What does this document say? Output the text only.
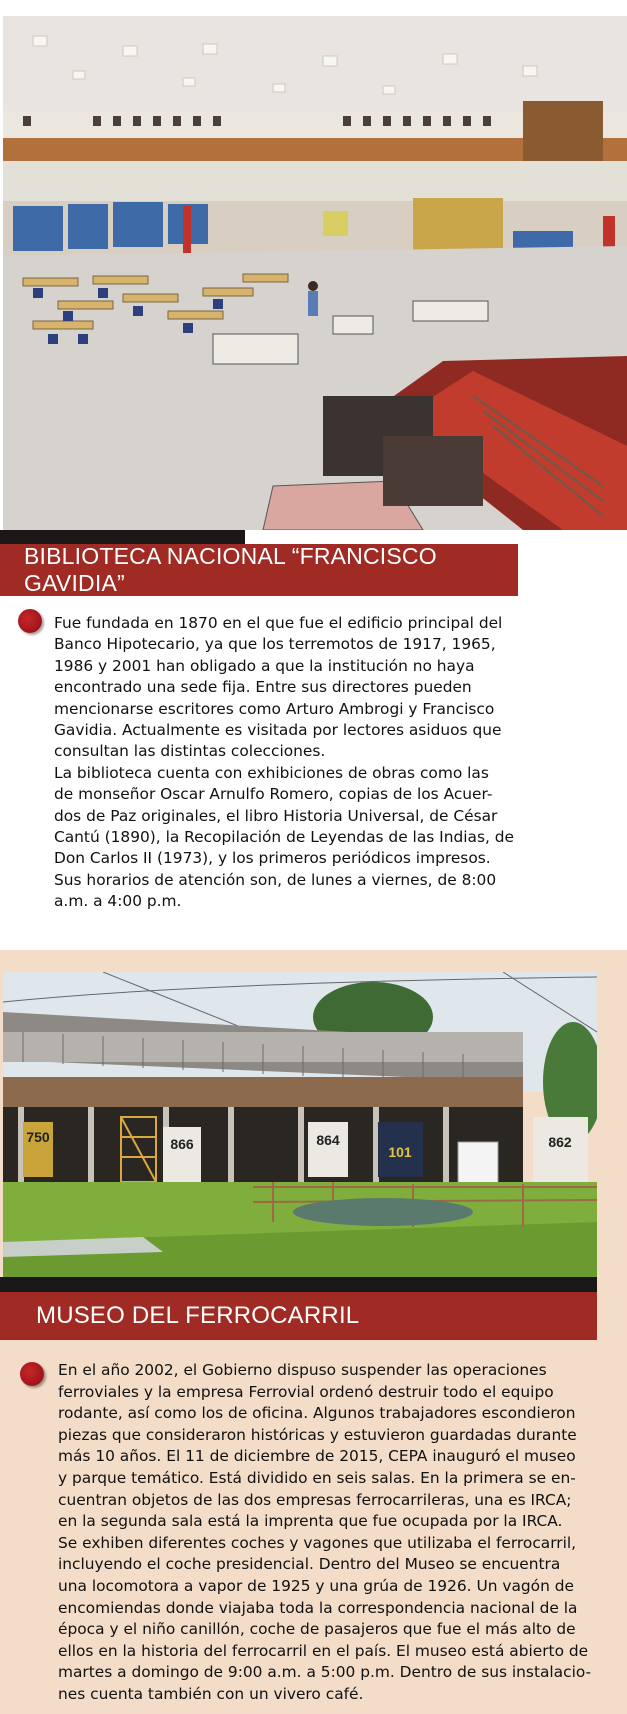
BIBLIOTECA NACIONAL “FRANCISCO GAVIDIA”
Fue fundada en 1870 en el que fue el edificio principal del
Banco Hipotecario, ya que los terremotos de 1917, 1965,
1986 y 2001 han obligado a que la institución no haya
encontrado una sede fija. Entre sus directores pueden
mencionarse escritores como Arturo Ambrogi y Francisco
Gavidia. Actualmente es visitada por lectores asiduos que
consultan las distintas colecciones.
La biblioteca cuenta con exhibiciones de obras como las
de monseñor Oscar Arnulfo Romero, copias de los Acuer-
dos de Paz originales, el libro Historia Universal, de César
Cantú (1890), la Recopilación de Leyendas de las Indias, de
Don Carlos II (1973), y los primeros periódicos impresos.
Sus horarios de atención son, de lunes a viernes, de 8:00
a.m. a 4:00 p.m.
750	866	864
101
862
MUSEO DEL FERROCARRIL
En el año 2002, el Gobierno dispuso suspender las operaciones
ferroviales y la empresa Ferrovial ordenó destruir todo el equipo
rodante, así como los de oficina. Algunos trabajadores escondieron
piezas que consideraron históricas y estuvieron guardadas durante
más 10 años. El 11 de diciembre de 2015, CEPA inauguró el museo
y parque temático. Está dividido en seis salas. En la primera se en-
cuentran objetos de las dos empresas ferrocarrileras, una es IRCA;
en la segunda sala está la imprenta que fue ocupada por la IRCA.
Se exhiben diferentes coches y vagones que utilizaba el ferrocarril,
incluyendo el coche presidencial. Dentro del Museo se encuentra
una locomotora a vapor de 1925 y una grúa de 1926. Un vagón de
encomiendas donde viajaba toda la correspondencia nacional de la
época y el niño canillón, coche de pasajeros que fue el más alto de
ellos en la historia del ferrocarril en el país. El museo está abierto de
martes a domingo de 9:00 a.m. a 5:00 p.m. Dentro de sus instalacio-
nes cuenta también con un vivero café.
